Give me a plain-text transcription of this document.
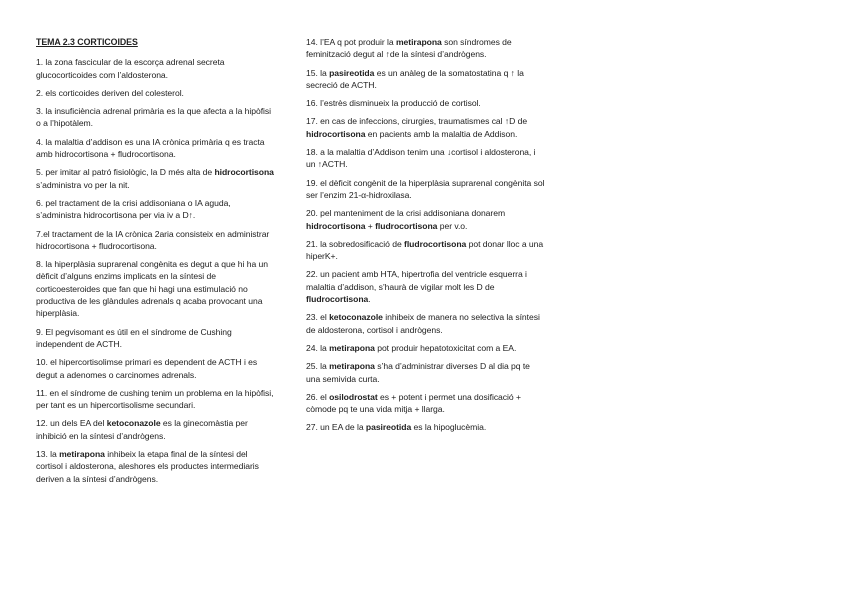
TEMA 2.3 CORTICOIDES
1. la zona fascicular de la escorça adrenal secreta glucocorticoides com l’aldosterona.
2. els corticoides deriven del colesterol.
3. la insuficiència adrenal primària es la que afecta a la hipòfisi o a l’hipotàlem.
4. la malaltia d’addison es una IA crònica primària q es tracta amb hidrocortisona + fludrocortisona.
5. per imitar al patró fisiològic, la D més alta de hidrocortisona s’administra vo per la nit.
6. pel tractament de la crisi addisoniana o IA aguda, s’administra hidrocortisona per via iv a D↑.
7.el tractament de la IA crònica 2aria consisteix en administrar hidrocortisona + fludrocortisona.
8. la hiperplàsia suprarenal congènita es degut a que hi ha un dèficit d’alguns enzims implicats en la síntesi de corticoesteroides que fan que hi hagi una estimulació no productiva de les glàndules adrenals q acaba provocant una hiperplàsia.
9. El pegvisomant es útil en el síndrome de Cushing independent de ACTH.
10. el hipercortisolimse primari es dependent de ACTH i es degut a adenomes o carcinomes adrenals.
11. en el síndrome de cushing tenim un problema en la hipòfisi, per tant es un hipercortisolisme secundari.
12. un dels EA del ketoconazole es la ginecomàstia per inhibició en la síntesi d’andrògens.
13. la metirapona inhibeix la etapa final de la síntesi del cortisol i aldosterona, aleshores els productes intermediaris deriven a la síntesi d’andrògens.
14. l’EA q pot produir la metirapona son síndromes de feminització degut al ↑de la síntesi d’andrògens.
15. la pasireotida es un anàleg de la somatostatina q ↑ la secreció de ACTH.
16. l’estrès disminueix la producció de cortisol.
17. en cas de infeccions, cirurgies, traumatismes cal ↑D de hidrocortisona en pacients amb la malaltia de Addison.
18. a la malaltia d’Addison tenim una ↓cortisol i aldosterona, i un ↑ACTH.
19. el dèficit congènit de la hiperplàsia suprarenal congènita sol ser l’enzim 21-α-hidroxilasa.
20. pel manteniment de la crisi addisoniana donarem hidrocortisona + fludrocortisona per v.o.
21. la sobredosificació de fludrocortisona pot donar lloc a una hiperK+.
22. un pacient amb HTA, hipertrofia del ventricle esquerra i malaltia d’addison, s’haurà de vigilar molt les D de fludrocortisona.
23. el ketoconazole inhibeix de manera no selectiva la síntesi de aldosterona, cortisol i andrògens.
24. la metirapona pot produir hepatotoxicitat com a EA.
25. la metirapona s’ha d’administrar diverses D al dia pq te una semivida curta.
26. el osilodrostat es + potent i permet una dosificació + còmode pq te una vida mitja + llarga.
27. un EA de la pasireotida es la hipoglucèmia.
